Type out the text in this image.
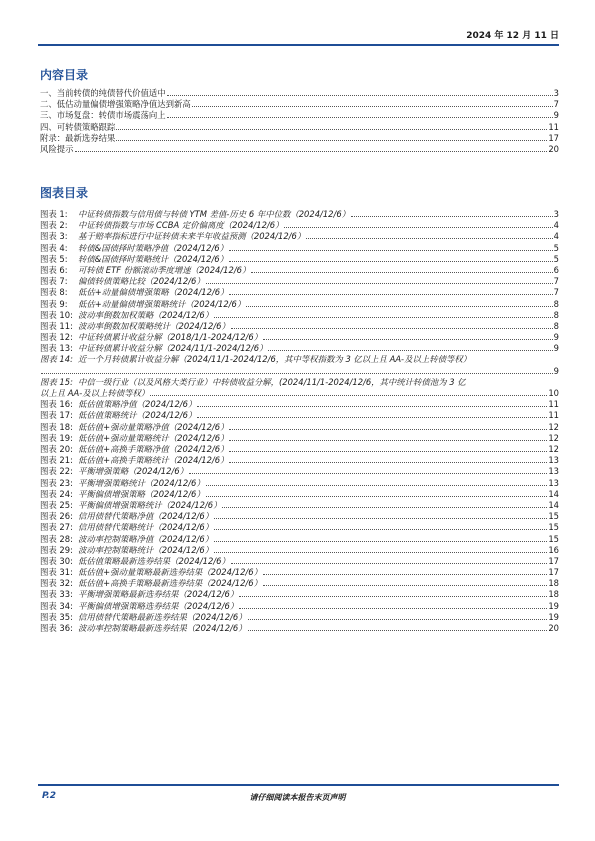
2024 年 12 月 11 日
内容目录
一、当前转债的纯债替代价值适中	3
二、低估动量偏债增强策略净值达到新高	7
三、市场复盘：转债市场震荡向上	9
四、可转债策略跟踪	11
附录：最新选券结果	17
风险提示	20
图表目录
图表 1:	中证转债指数与信用债与转债 YTM 差值-历史 6 年中位数（2024/12/6）	3
图表 2:	中证转债指数与市场 CCBA 定价偏离度（2024/12/6）	4
图表 3:	基于赔率指标进行中证转债未来半年收益预测（2024/12/6）	4
图表 4:	转债&国债择时策略净值（2024/12/6）	5
图表 5:	转债&国债择时策略统计（2024/12/6）	5
图表 6:	可转债 ETF 份额滚动季度增速（2024/12/6）	6
图表 7:	偏债转债策略比较（2024/12/6）	7
图表 8:	低估+动量偏债增强策略（2024/12/6）	7
图表 9:	低估+动量偏债增强策略统计（2024/12/6）	8
图表 10: 波动率倒数加权策略（2024/12/6）	8
图表 11: 波动率倒数加权策略统计（2024/12/6）	8
图表 12: 中证转债累计收益分解（2018/1/1-2024/12/6）	9
图表 13: 中证转债累计收益分解（2024/11/1-2024/12/6）	9
图表 14: 近一个月转债累计收益分解（2024/11/1-2024/12/6，其中等权指数为 3 亿以上且 AA-及以上转债等权）
9
图表 15: 中信一级行业（以及风格大类行业）中转债收益分解，(2024/11/1-2024/12/6，其中统计转债池为 3 亿
以上且 AA-及以上转债等权）	10
图表 16: 低估值策略净值（2024/12/6）	11
图表 17: 低估值策略统计（2024/12/6）	11
图表 18: 低估值+强动量策略净值（2024/12/6）	12
图表 19: 低估值+强动量策略统计（2024/12/6）	12
图表 20: 低估值+高换手策略净值（2024/12/6）	12
图表 21: 低估值+高换手策略统计（2024/12/6）	13
图表 22: 平衡增强策略（2024/12/6）	13
图表 23: 平衡增强策略统计（2024/12/6）	13
图表 24: 平衡偏债增强策略（2024/12/6）	14
图表 25: 平衡偏债增强策略统计（2024/12/6）	14
图表 26: 信用债替代策略净值（2024/12/6）	15
图表 27: 信用债替代策略统计（2024/12/6）	15
图表 28: 波动率控制策略净值（2024/12/6）	15
图表 29: 波动率控制策略统计（2024/12/6）	16
图表 30: 低估值策略最新选券结果（2024/12/6）	17
图表 31: 低估值+强动量策略最新选券结果（2024/12/6）	17
图表 32: 低估值+高换手策略最新选券结果（2024/12/6）	18
图表 33: 平衡增强策略最新选券结果（2024/12/6）	18
图表 34: 平衡偏债增强策略选券结果（2024/12/6）	19
图表 35: 信用债替代策略最新选券结果（2024/12/6）	19
图表 36: 波动率控制策略最新选券结果（2024/12/6）	20
P.2	请仔细阅读本报告末页声明
